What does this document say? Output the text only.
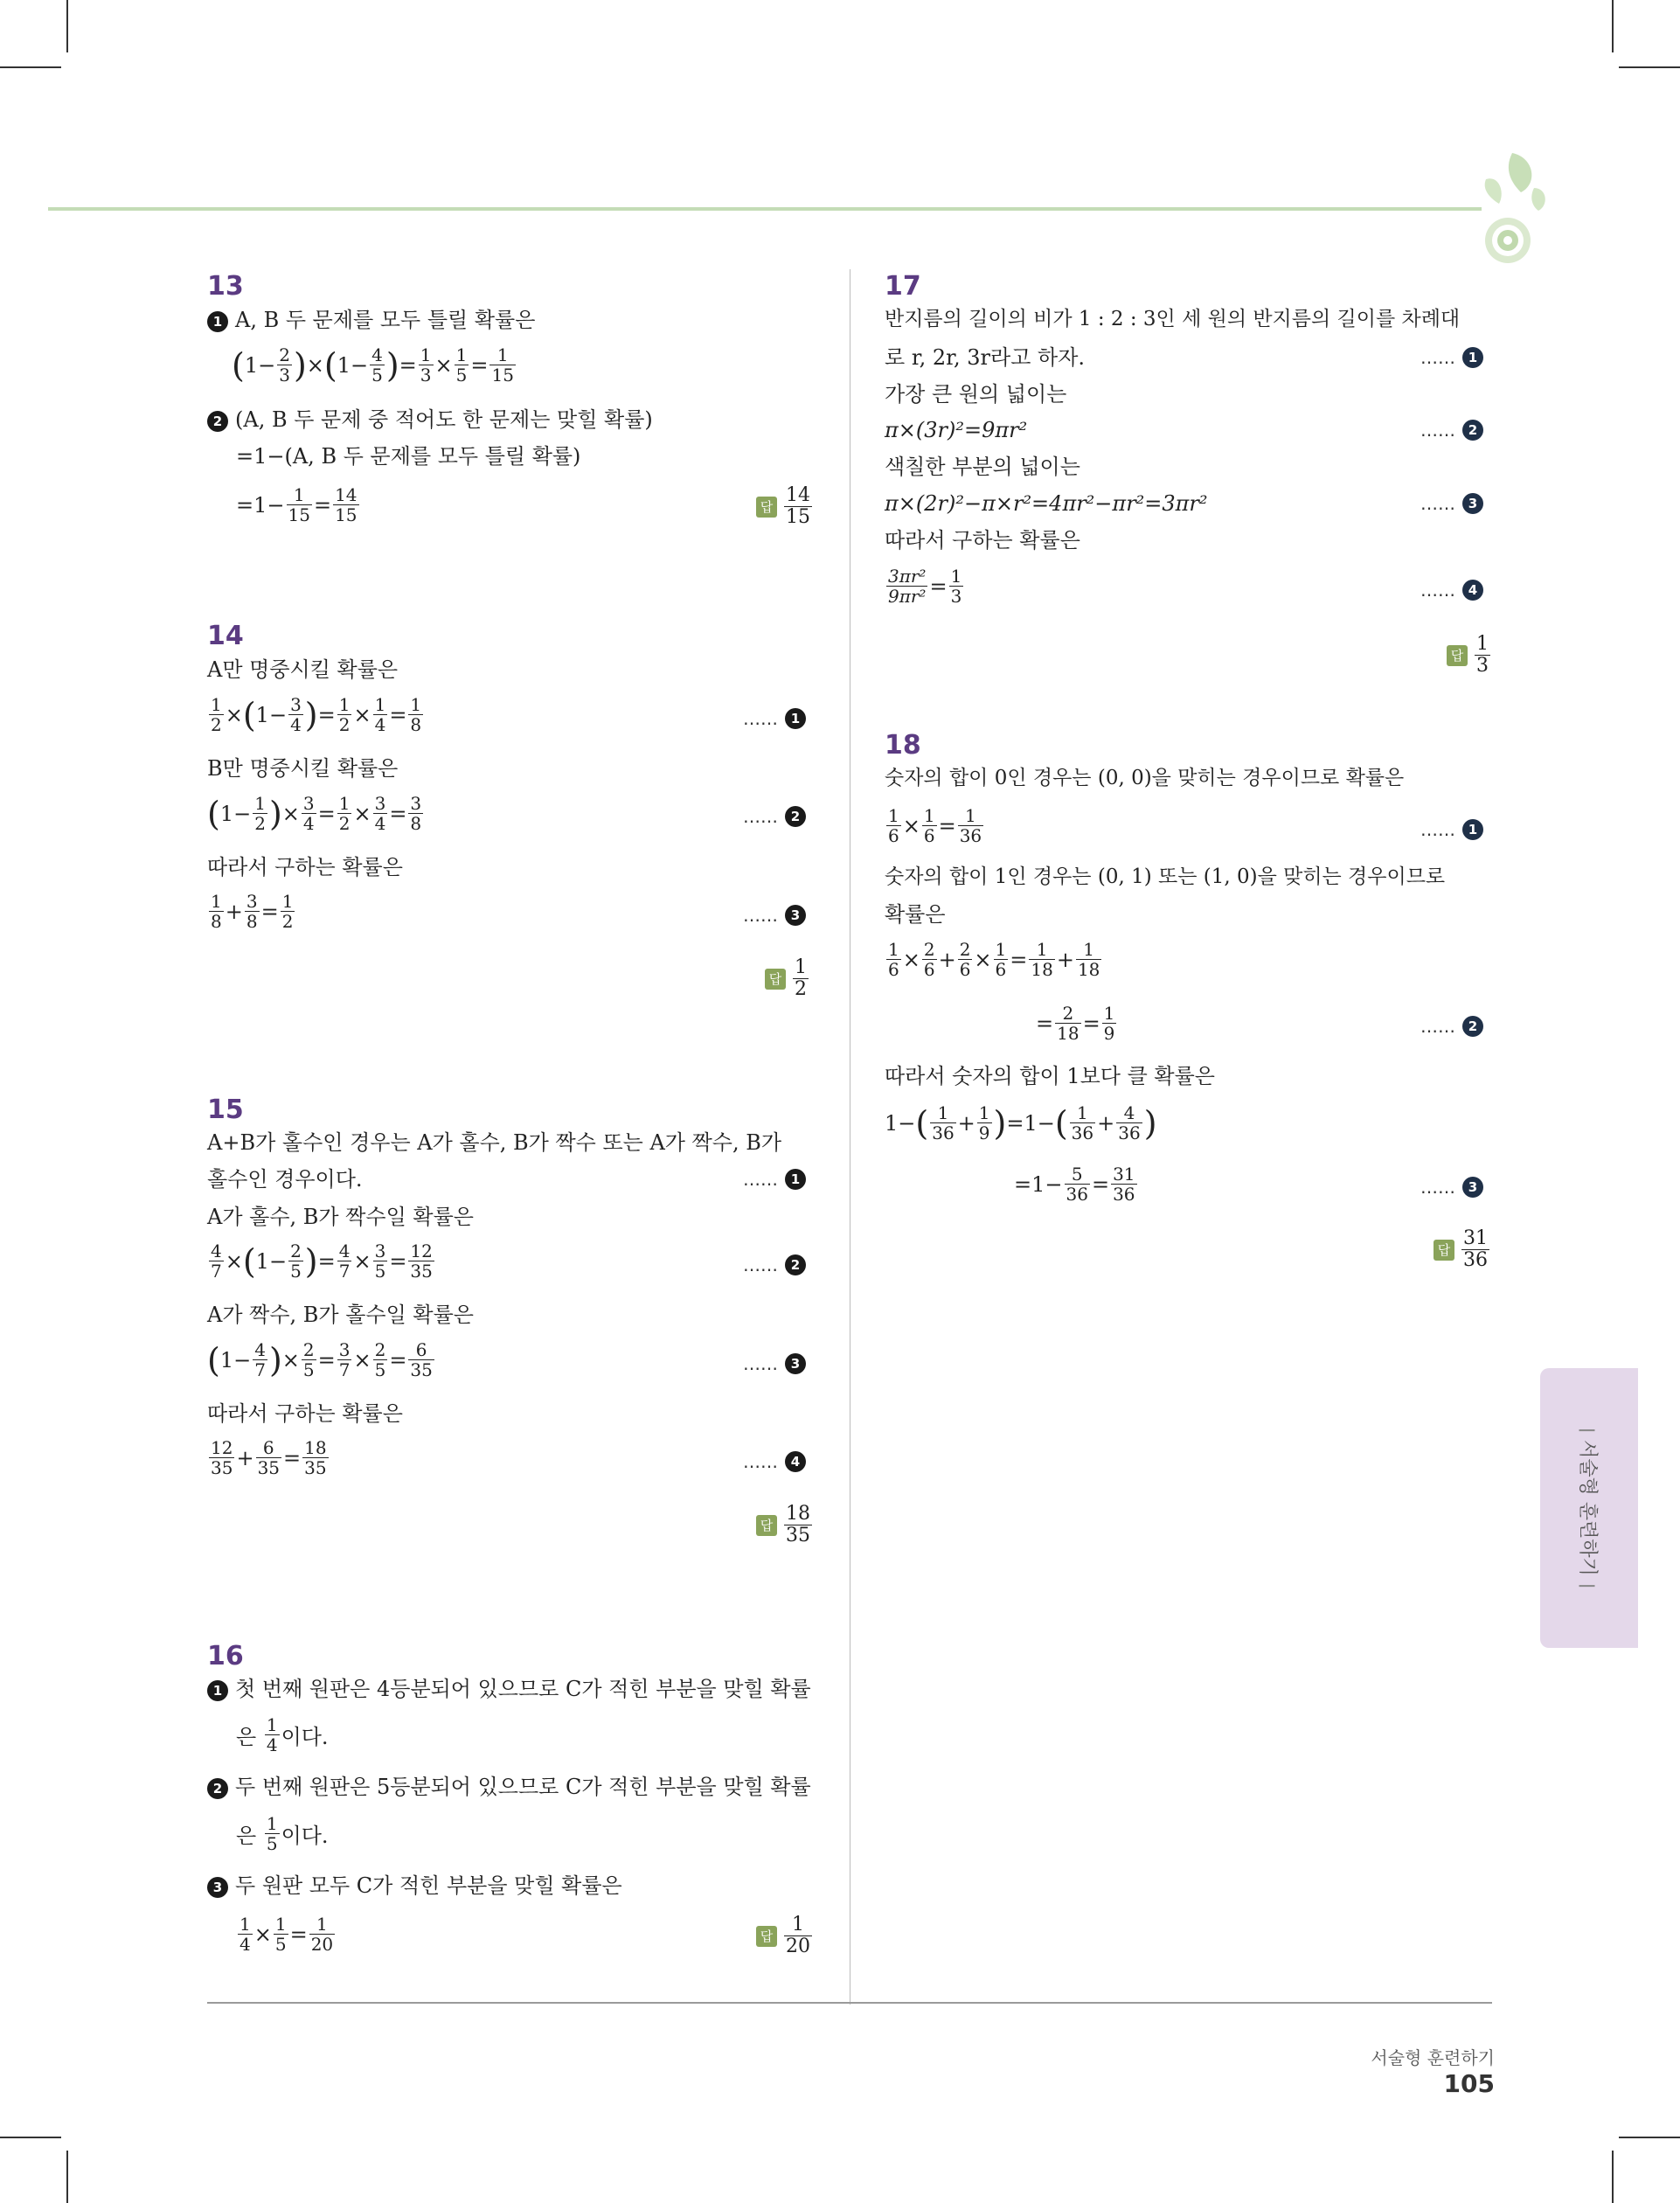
서술형 훈련하기
서술형 훈련하기 105
13
1 A, B 두 문제를 모두 틀릴 확률은
( $1- \frac{2}{3}$ ) × ( $1- \frac{4}{5}$ ) = $\frac{1}{3} \times \frac{1}{5} = \frac{1}{15}$
2 (A, B 두 문제 중 적어도 한 문제는 맞힐 확률)
=1−(A, B 두 문제를 모두 틀릴 확률)
$=1- \frac{1}{15} = \frac{14}{15}$	답 $\frac{14}{15}$
14
A만 명중시킬 확률은
$\frac{1}{2}$ × ( $1- \frac{3}{4}$ ) = $\frac{1}{2} \times \frac{1}{4} = \frac{1}{8}$	…… 1
B만 명중시킬 확률은
( $1- \frac{1}{2}$ ) × $\frac{3}{4} = \frac{1}{2} \times \frac{3}{4} = \frac{3}{8}$	…… 2
따라서 구하는 확률은
$\frac{1}{8} + \frac{3}{8} = \frac{1}{2}$	…… 3
답 $\frac{1}{2}$
15
A+B가 홀수인 경우는 A가 홀수, B가 짝수 또는 A가 짝수, B가
홀수인 경우이다.	…… 1
A가 홀수, B가 짝수일 확률은
$\frac{4}{7}$ × ( $1- \frac{2}{5}$ ) = $\frac{4}{7} \times \frac{3}{5} = \frac{12}{35}$	…… 2
A가 짝수, B가 홀수일 확률은
( $1- \frac{4}{7}$ ) × $\frac{2}{5} = \frac{3}{7} \times \frac{2}{5} = \frac{6}{35}$	…… 3
따라서 구하는 확률은
$\frac{12}{35} + \frac{6}{35} = \frac{18}{35}$	…… 4
답 $\frac{18}{35}$
16
1 첫 번째 원판은 4등분되어 있으므로 C가 적힌 부분을 맞힐 확률
은
$\frac{1}{4}$ 이다.
2 두 번째 원판은 5등분되어 있으므로 C가 적힌 부분을 맞힐 확률
은
$\frac{1}{5}$ 이다.
3 두 원판 모두 C가 적힌 부분을 맞힐 확률은
$\frac{1}{4} \times \frac{1}{5} = \frac{1}{20}$	답 $\frac{1}{20}$
17
반지름의 길이의 비가 1 : 2 : 3인 세 원의 반지름의 길이를 차례대
로 r, 2r, 3r라고 하자.	…… 1
가장 큰 원의 넓이는
π×(3r)²=9πr²	…… 2
색칠한 부분의 넓이는
π×(2r)²−π×r²=4πr²−πr²=3πr²	…… 3
따라서 구하는 확률은
$\frac{\text{3πr²}}{\text{9πr²}} = \frac{1}{3}$	…… 4
답 $\frac{1}{3}$
18
숫자의 합이 0인 경우는 (0, 0)을 맞히는 경우이므로 확률은
$\frac{1}{6} \times \frac{1}{6} = \frac{1}{36}$	…… 1
숫자의 합이 1인 경우는 (0, 1) 또는 (1, 0)을 맞히는 경우이므로
확률은
$\frac{1}{6} \times \frac{2}{6} + \frac{2}{6} \times \frac{1}{6} = \frac{1}{18} + \frac{1}{18}$
= $\frac{2}{18} = \frac{1}{9}$	…… 2
따라서 숫자의 합이 1보다 클 확률은
1− ( $\frac{1}{36} + \frac{1}{9}$ ) =1− ( $\frac{1}{36} + \frac{4}{36}$ )
$=1- \frac{5}{36} = \frac{31}{36}$	…… 3
답 $\frac{31}{36}$
